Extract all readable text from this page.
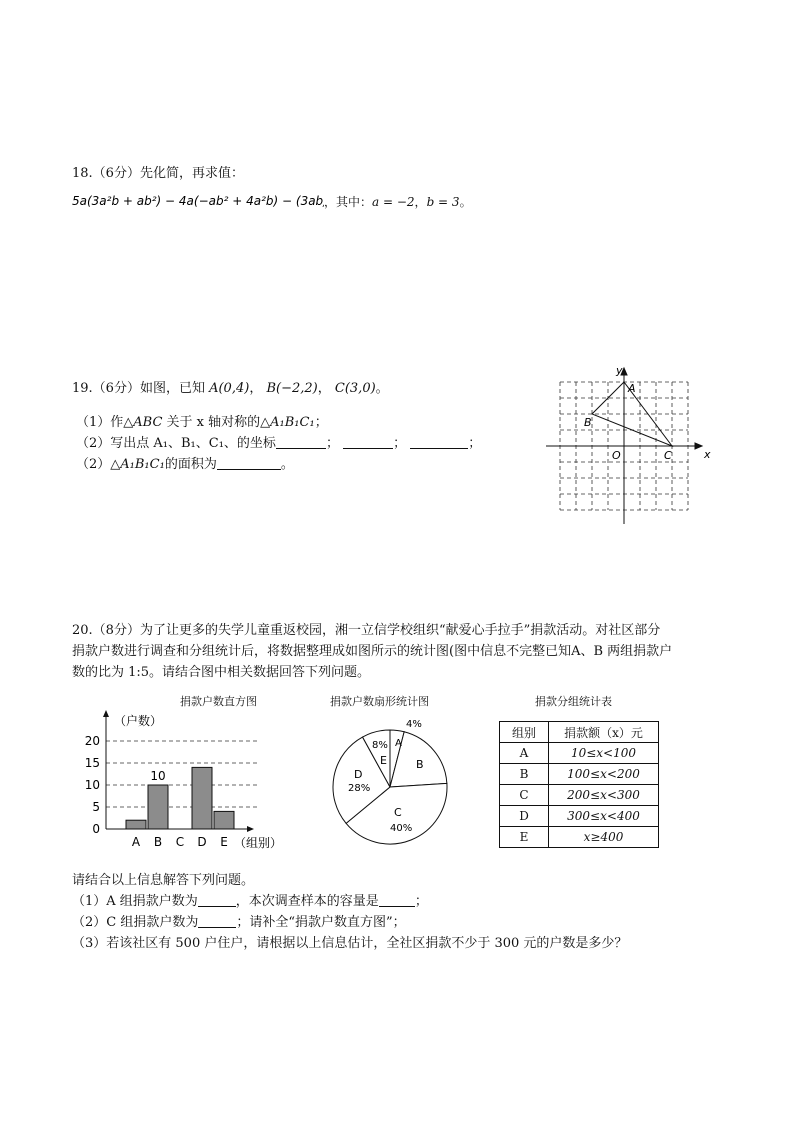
18.（6分）先化简，再求值：
5a(3a²b + ab²) − 4a(−ab² + 4a²b) − (3ab)²
，其中：a = −2，b = 3。
19.（6分）如图，已知 A(0,4)， B(−2,2)， C(3,0)。
（1）作△ABC 关于 x 轴对称的△A₁B₁C₁；
（2）写出点 A₁、B₁、C₁、的坐标	；	；	；
（2）△A₁B₁C₁的面积为	。
A
B
C
O	x
y
20.（8分）为了让更多的失学儿童重返校园，湘一立信学校组织“献爱心手拉手”捐款活动。对社区部分
捐款户数进行调查和分组统计后，将数据整理成如图所示的统计图(图中信息不完整已知A、B 两组捐款户
数的比为 1:5。请结合图中相关数据回答下列问题。
捐款户数直方图	捐款户数扇形统计图	捐款分组统计表
（户数）
0
5
10
15
20
A B C D E
10
（组别）
A
4%
B
C
40%
D
28%
8%
E
组别	捐款额（x）元
A	10≤x<100
B	100≤x<200
C	200≤x<300
D	300≤x<400
E	x≥400
请结合以上信息解答下列问题。
（1）A 组捐款户数为	，本次调查样本的容量是	；
（2）C 组捐款户数为	；请补全“捐款户数直方图”；
（3）若该社区有 500 户住户，请根据以上信息估计，全社区捐款不少于 300 元的户数是多少？
